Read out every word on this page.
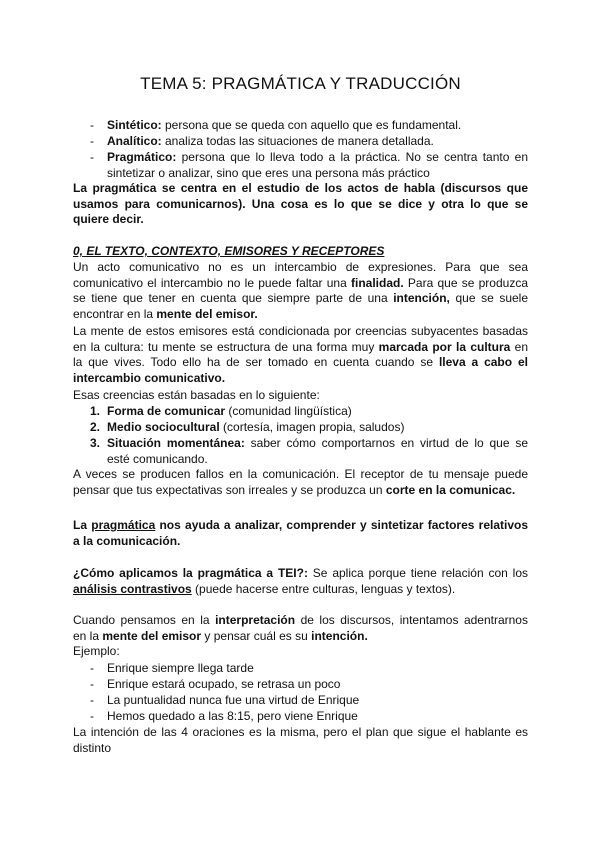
TEMA 5: PRAGMÁTICA Y TRADUCCIÓN
- Sintético: persona que se queda con aquello que es fundamental.
- Analítico: analiza todas las situaciones de manera detallada.
- Pragmático: persona que lo lleva todo a la práctica. No se centra tanto en
sintetizar o analizar, sino que eres una persona más práctico
La pragmática se centra en el estudio de los actos de habla (discursos que
usamos para comunicarnos). Una cosa es lo que se dice y otra lo que se
quiere decir.
0, EL TEXTO, CONTEXTO, EMISORES Y RECEPTORES
Un acto comunicativo no es un intercambio de expresiones. Para que sea
comunicativo el intercambio no le puede faltar una finalidad. Para que se produzca
se tiene que tener en cuenta que siempre parte de una intención, que se suele
encontrar en la mente del emisor.
La mente de estos emisores está condicionada por creencias subyacentes basadas
en la cultura: tu mente se estructura de una forma muy marcada por la cultura en
la que vives. Todo ello ha de ser tomado en cuenta cuando se lleva a cabo el
intercambio comunicativo.
Esas creencias están basadas en lo siguiente:
1. Forma de comunicar (comunidad lingüística)
2. Medio sociocultural (cortesía, imagen propia, saludos)
3. Situación momentánea: saber cómo comportarnos en virtud de lo que se
esté comunicando.
A veces se producen fallos en la comunicación. El receptor de tu mensaje puede
pensar que tus expectativas son irreales y se produzca un corte en la comunicac.
La pragmática nos ayuda a analizar, comprender y sintetizar factores relativos
a la comunicación.
¿Cómo aplicamos la pragmática a TEI?: Se aplica porque tiene relación con los
análisis contrastivos (puede hacerse entre culturas, lenguas y textos).
Cuando pensamos en la interpretación de los discursos, intentamos adentrarnos
en la mente del emisor y pensar cuál es su intención.
Ejemplo:
- Enrique siempre llega tarde
- Enrique estará ocupado, se retrasa un poco
- La puntualidad nunca fue una virtud de Enrique
- Hemos quedado a las 8:15, pero viene Enrique
La intención de las 4 oraciones es la misma, pero el plan que sigue el hablante es
distinto
